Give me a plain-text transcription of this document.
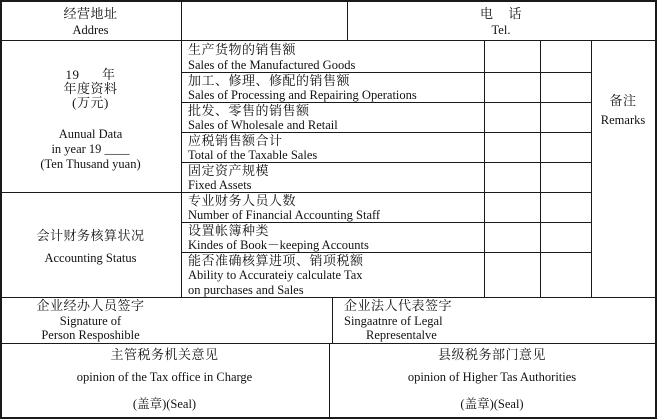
经营地址
Addres
电    话
Tel.
19      年
年度资料
(万元)
Aunual Data
in year 19 ____
(Ten Thusand yuan)
生产货物的销售额
Sales of the Manufactured Goods
加工、修理、修配的销售额
Sales of Processing and Repairing Operations
批发、零售的销售额
Sales of Wholesale and Retail
应税销售额合计
Total of the Taxable Sales
固定资产规模
Fixed Assets
备注
Remarks
会计财务核算状况
Accounting Status
专业财务人员人数
Number of Financial Accounting Staff
设置帐簿种类
Kindes of Book－keeping Accounts
能否准确核算进项、销项税额
Ability to Accurateiy calculate Tax
on purchases and Sales
企业经办人员签字
Signature of
Person Resposhible
企业法人代表签字
Singaatnre of Legal
Representalve
主管税务机关意见
opinion of the Tax office in Charge
县级税务部门意见
opinion of Higher Tas Authorities
(盖章)(Seal)	(盖章)(Seal)
